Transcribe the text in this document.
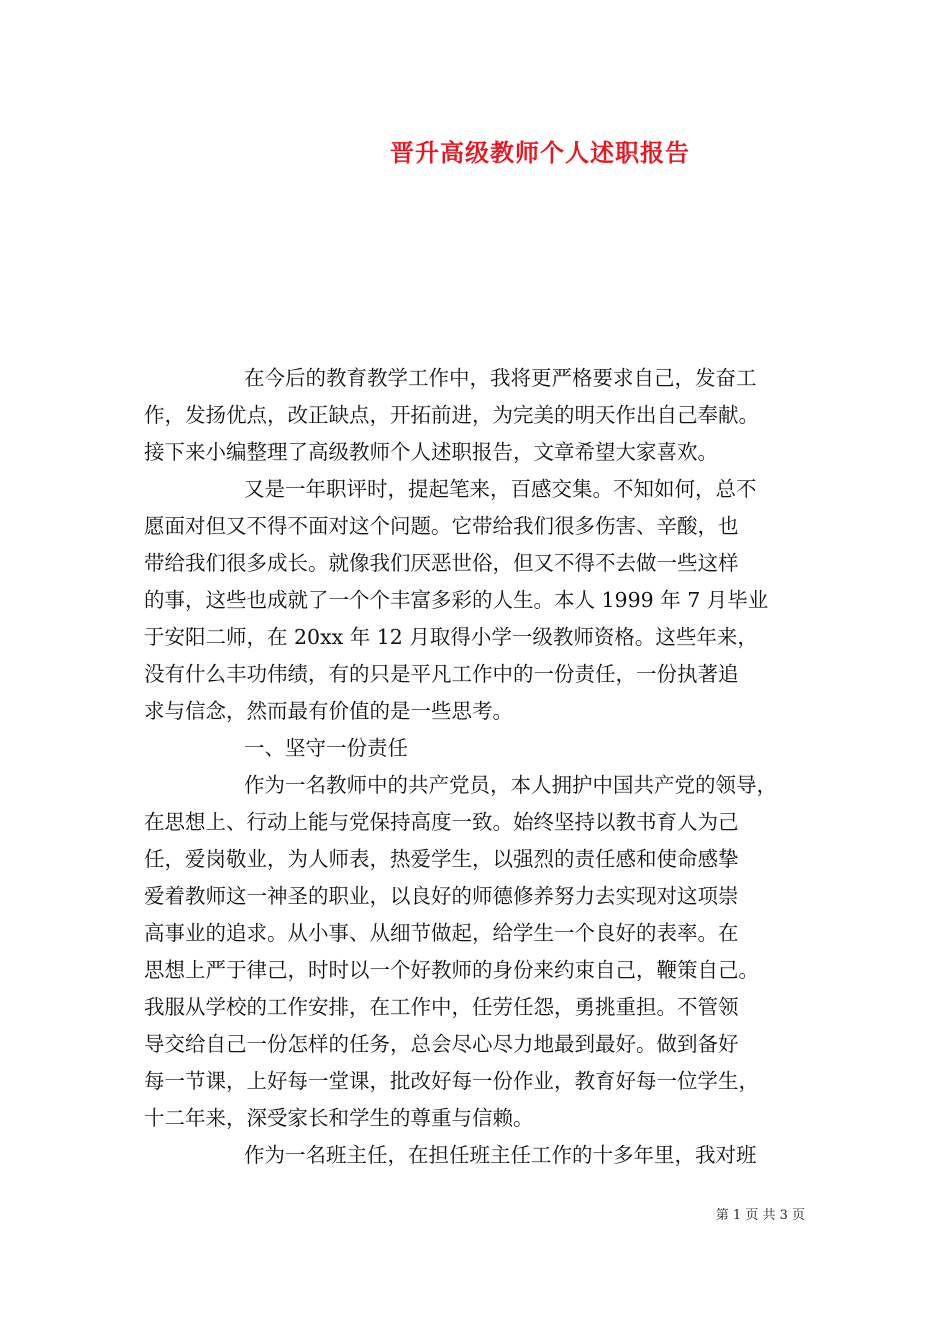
晋升高级教师个人述职报告
在今后的教育教学工作中，我将更严格要求自己，发奋工
作，发扬优点，改正缺点，开拓前进，为完美的明天作出自己奉献。
接下来小编整理了高级教师个人述职报告，文章希望大家喜欢。
又是一年职评时，提起笔来，百感交集。不知如何，总不
愿面对但又不得不面对这个问题。它带给我们很多伤害、辛酸，也
带给我们很多成长。就像我们厌恶世俗，但又不得不去做一些这样
的事，这些也成就了一个个丰富多彩的人生。本人 1999 年 7 月毕业
于安阳二师，在 20xx 年 12 月取得小学一级教师资格。这些年来，
没有什么丰功伟绩，有的只是平凡工作中的一份责任，一份执著追
求与信念，然而最有价值的是一些思考。
一、坚守一份责任
作为一名教师中的共产党员，本人拥护中国共产党的领导，
在思想上、行动上能与党保持高度一致。始终坚持以教书育人为己
任，爱岗敬业，为人师表，热爱学生，以强烈的责任感和使命感挚
爱着教师这一神圣的职业，以良好的师德修养努力去实现对这项崇
高事业的追求。从小事、从细节做起，给学生一个良好的表率。在
思想上严于律己，时时以一个好教师的身份来约束自己，鞭策自己。
我服从学校的工作安排，在工作中，任劳任怨，勇挑重担。不管领
导交给自己一份怎样的任务，总会尽心尽力地最到最好。做到备好
每一节课，上好每一堂课，批改好每一份作业，教育好每一位学生，
十二年来，深受家长和学生的尊重与信赖。
作为一名班主任，在担任班主任工作的十多年里，我对班
第 1 页 共 3 页
